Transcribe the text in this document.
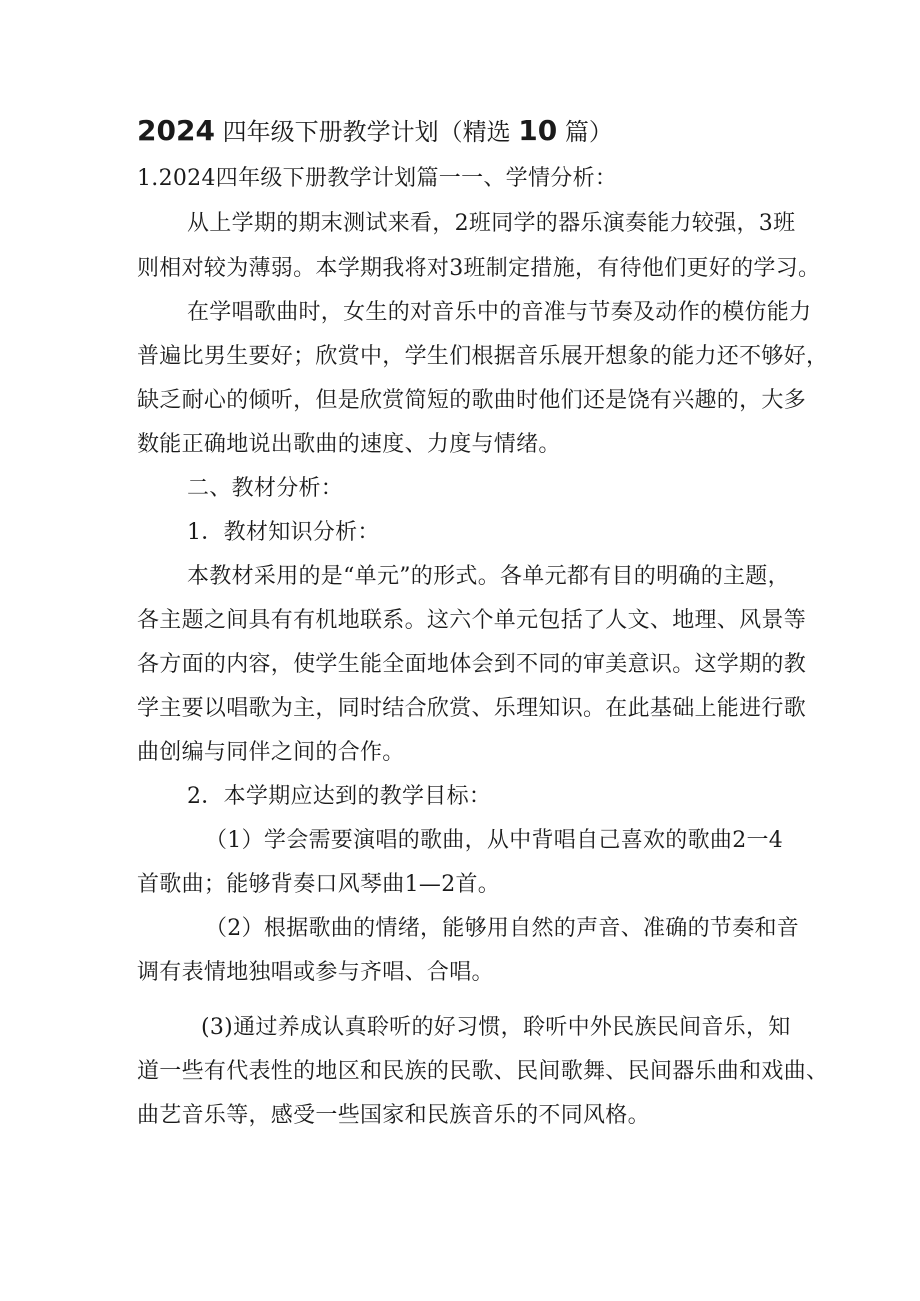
2024 四年级下册教学计划（精选 10 篇）
1.2024四年级下册教学计划篇一一、学情分析：
从上学期的期末测试来看，2班同学的器乐演奏能力较强，3班
则相对较为薄弱。本学期我将对3班制定措施，有待他们更好的学习。
在学唱歌曲时，女生的对音乐中的音准与节奏及动作的模仿能力
普遍比男生要好；欣赏中，学生们根据音乐展开想象的能力还不够好，
缺乏耐心的倾听，但是欣赏简短的歌曲时他们还是饶有兴趣的，大多
数能正确地说出歌曲的速度、力度与情绪。
二、教材分析：
1．教材知识分析：
本教材采用的是“单元”的形式。各单元都有目的明确的主题，
各主题之间具有有机地联系。这六个单元包括了人文、地理、风景等
各方面的内容，使学生能全面地体会到不同的审美意识。这学期的教
学主要以唱歌为主，同时结合欣赏、乐理知识。在此基础上能进行歌
曲创编与同伴之间的合作。
2．本学期应达到的教学目标：
（1）学会需要演唱的歌曲，从中背唱自己喜欢的歌曲2一4
首歌曲；能够背奏口风琴曲1—2首。
（2）根据歌曲的情绪，能够用自然的声音、准确的节奏和音
调有表情地独唱或参与齐唱、合唱。
(3)通过养成认真聆听的好习惯，聆听中外民族民间音乐，知
道一些有代表性的地区和民族的民歌、民间歌舞、民间器乐曲和戏曲、
曲艺音乐等，感受一些国家和民族音乐的不同风格。
